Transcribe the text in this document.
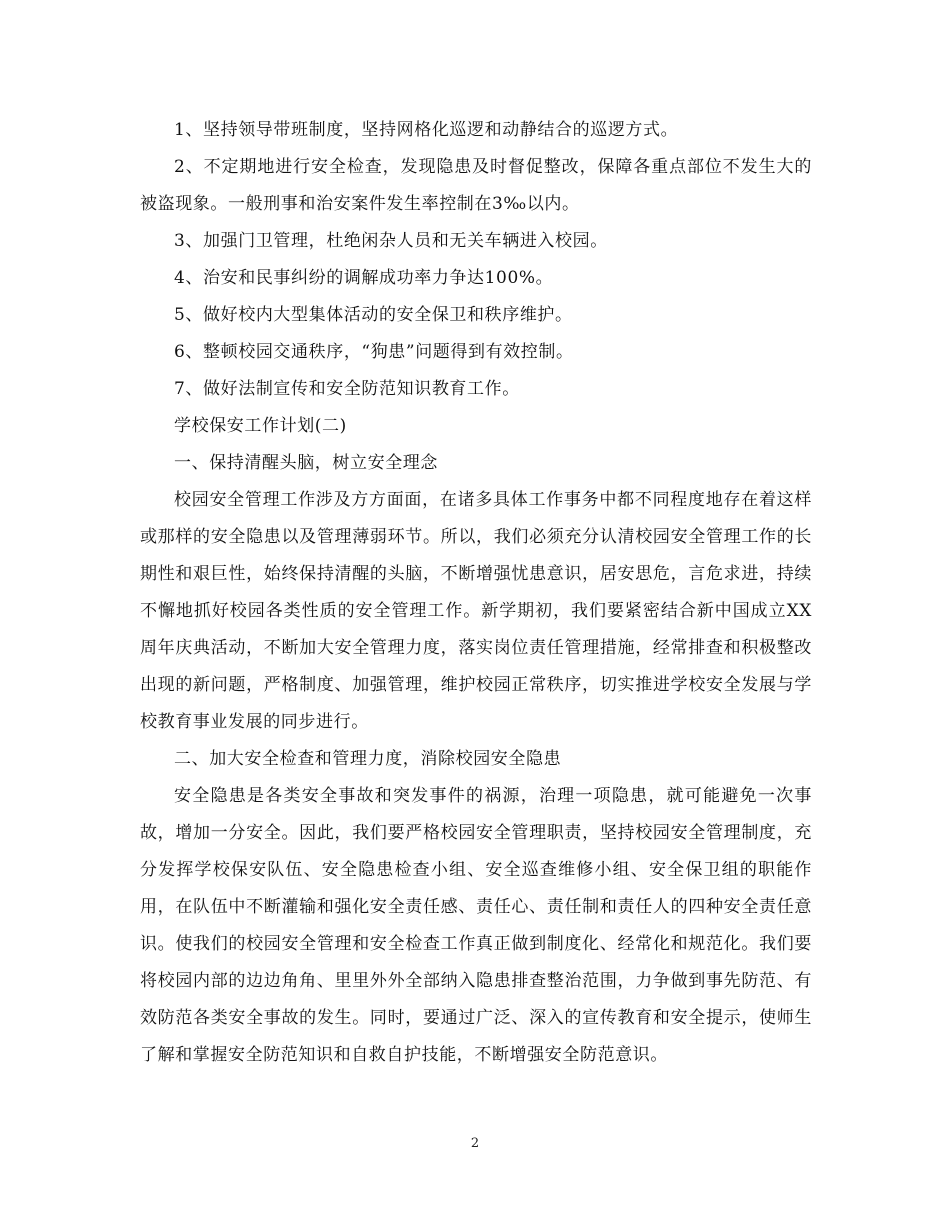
1、坚持领导带班制度，坚持网格化巡逻和动静结合的巡逻方式。

2、不定期地进行安全检查，发现隐患及时督促整改，保障各重点部位不发生大的被盗现象。一般刑事和治安案件发生率控制在3‰以内。

3、加强门卫管理，杜绝闲杂人员和无关车辆进入校园。

4、治安和民事纠纷的调解成功率力争达100%。

5、做好校内大型集体活动的安全保卫和秩序维护。

6、整顿校园交通秩序，“狗患”问题得到有效控制。

7、做好法制宣传和安全防范知识教育工作。

学校保安工作计划(二)

一、保持清醒头脑，树立安全理念

校园安全管理工作涉及方方面面，在诸多具体工作事务中都不同程度地存在着这样或那样的安全隐患以及管理薄弱环节。所以，我们必须充分认清校园安全管理工作的长期性和艰巨性，始终保持清醒的头脑，不断增强忧患意识，居安思危，言危求进，持续不懈地抓好校园各类性质的安全管理工作。新学期初，我们要紧密结合新中国成立XX周年庆典活动，不断加大安全管理力度，落实岗位责任管理措施，经常排查和积极整改出现的新问题，严格制度、加强管理，维护校园正常秩序，切实推进学校安全发展与学校教育事业发展的同步进行。

二、加大安全检查和管理力度，消除校园安全隐患

安全隐患是各类安全事故和突发事件的祸源，治理一项隐患，就可能避免一次事故，增加一分安全。因此，我们要严格校园安全管理职责，坚持校园安全管理制度，充分发挥学校保安队伍、安全隐患检查小组、安全巡查维修小组、安全保卫组的职能作用，在队伍中不断灌输和强化安全责任感、责任心、责任制和责任人的四种安全责任意识。使我们的校园安全管理和安全检查工作真正做到制度化、经常化和规范化。我们要将校园内部的边边角角、里里外外全部纳入隐患排查整治范围，力争做到事先防范、有效防范各类安全事故的发生。同时，要通过广泛、深入的宣传教育和安全提示，使师生了解和掌握安全防范知识和自救自护技能，不断增强安全防范意识。

2
